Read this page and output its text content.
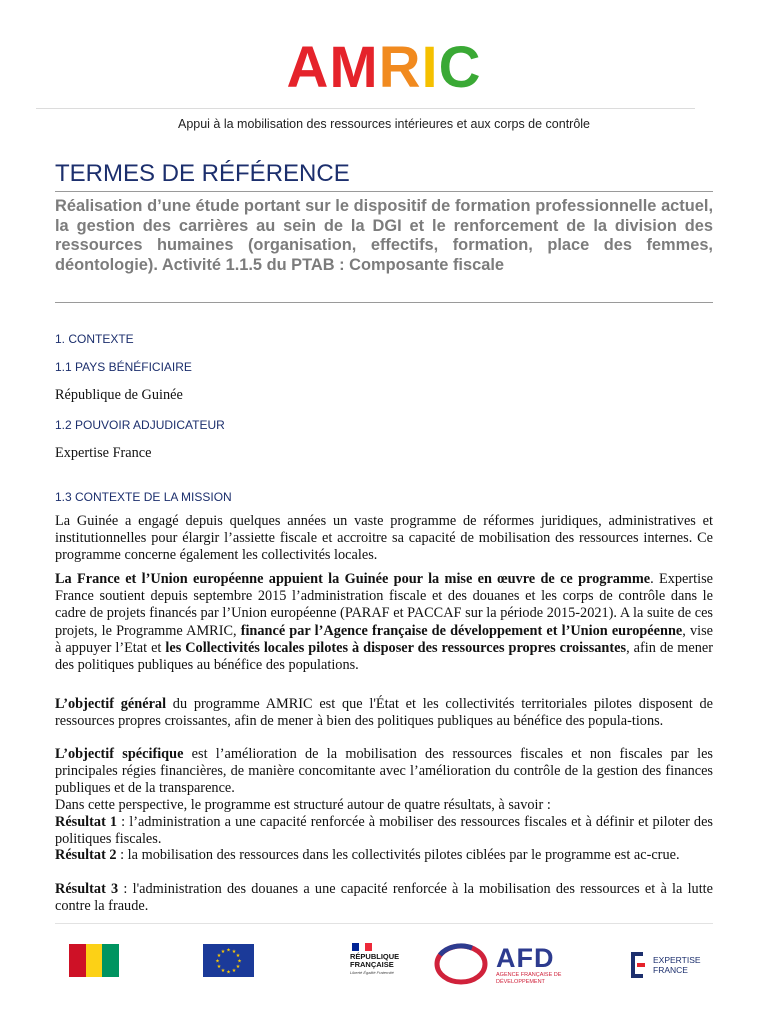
AMRIC
Appui à la mobilisation des ressources intérieures et aux corps de contrôle
TERMES DE RÉFÉRENCE
Réalisation d’une étude portant sur le dispositif de formation professionnelle actuel, la gestion des carrières au sein de la DGI et le renforcement de la division des ressources humaines (organisation, effectifs, formation, place des femmes, déontologie). Activité 1.1.5 du PTAB : Composante fiscale
1. CONTEXTE
1.1 PAYS BÉNÉFICIAIRE
République de Guinée
1.2 POUVOIR ADJUDICATEUR
Expertise France
1.3 CONTEXTE DE LA MISSION
La Guinée a engagé depuis quelques années un vaste programme de réformes juridiques, administratives et institutionnelles pour élargir l’assiette fiscale et accroitre sa capacité de mobilisation des ressources internes. Ce programme concerne également les collectivités locales.
La France et l’Union européenne appuient la Guinée pour la mise en œuvre de ce programme. Expertise France soutient depuis septembre 2015 l’administration fiscale et des douanes et les corps de contrôle dans le cadre de projets financés par l’Union européenne (PARAF et PACCAF sur la période 2015-2021). A la suite de ces projets, le Programme AMRIC, financé par l’Agence française de développement et l’Union européenne, vise à appuyer l’Etat et les Collectivités locales pilotes à disposer des ressources propres croissantes, afin de mener des politiques publiques au bénéfice des populations.
L’objectif général du programme AMRIC est que l'État et les collectivités territoriales pilotes disposent de ressources propres croissantes, afin de mener à bien des politiques publiques au bénéfice des popula-tions.
L’objectif spécifique est l’amélioration de la mobilisation des ressources fiscales et non fiscales par les principales régies financières, de manière concomitante avec l’amélioration du contrôle de la gestion des finances publiques et de la transparence.
Dans cette perspective, le programme est structuré autour de quatre résultats, à savoir :
Résultat 1 : l’administration a une capacité renforcée à mobiliser des ressources fiscales et à définir et piloter des politiques fiscales.
Résultat 2 : la mobilisation des ressources dans les collectivités pilotes ciblées par le programme est ac-crue.
Résultat 3 : l'administration des douanes a une capacité renforcée à la mobilisation des ressources et à la lutte contre la fraude.
★ ★
★
★
★
★
★
★
★
★
★
★
RÉPUBLIQUE FRANÇAISE
Liberté Égalité Fraternité	AFD
AGENCE FRANÇAISE DE DÉVELOPPEMENT
EXPERTISE FRANCE
